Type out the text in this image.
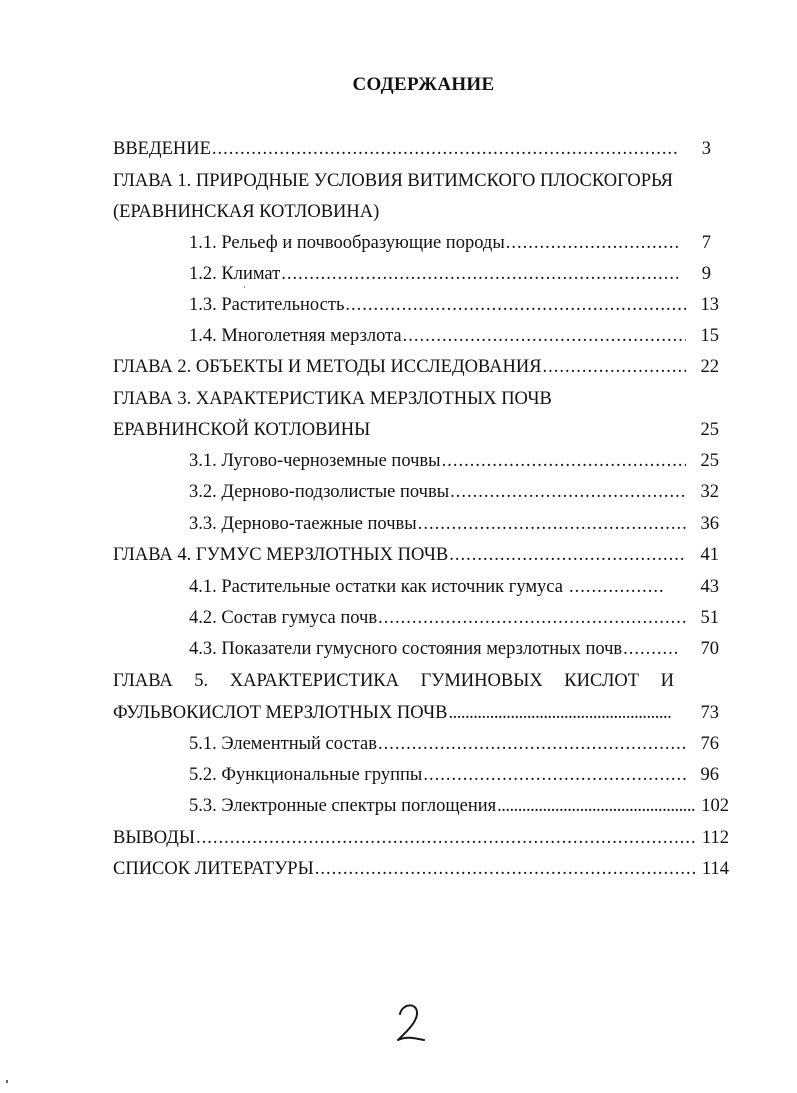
СОДЕРЖАНИЕ
ВВЕДЕНИЕ .....	3
ГЛАВА 1. ПРИРОДНЫЕ УСЛОВИЯ ВИТИМСКОГО ПЛОСКОГОРЬЯ
(ЕРАВНИНСКАЯ КОТЛОВИНА)
1.1. Рельеф и почвообразующие породы .....	7
1.2. Климат .....	9
1.3. Растительность .....	13
1.4. Многолетняя мерзлота .....	15
ГЛАВА 2. ОБЪЕКТЫ И МЕТОДЫ ИССЛЕДОВАНИЯ .....	22
ГЛАВА 3. ХАРАКТЕРИСТИКА МЕРЗЛОТНЫХ ПОЧВ
ЕРАВНИНСКОЙ КОТЛОВИНЫ	25
3.1. Лугово-черноземные почвы .....	25
3.2. Дерново-подзолистые почвы .....	32
3.3. Дерново-таежные почвы .....	36
ГЛАВА 4. ГУМУС МЕРЗЛОТНЫХ ПОЧВ .....	41
4.1. Растительные остатки как источник гумуса .....	43
4.2. Состав гумуса почв .....	51
4.3. Показатели гумусного состояния мерзлотных почв .....	70
ГЛАВА 5. ХАРАКТЕРИСТИКА ГУМИНОВЫХ КИСЛОТ И
ФУЛЬВОКИСЛОТ МЕРЗЛОТНЫХ ПОЧВ .....	73
5.1. Элементный состав .....	76
5.2. Функциональные группы .....	96
5.3. Электронные спектры поглощения .....	102
ВЫВОДЫ .....	112
СПИСОК ЛИТЕРАТУРЫ .....	114
